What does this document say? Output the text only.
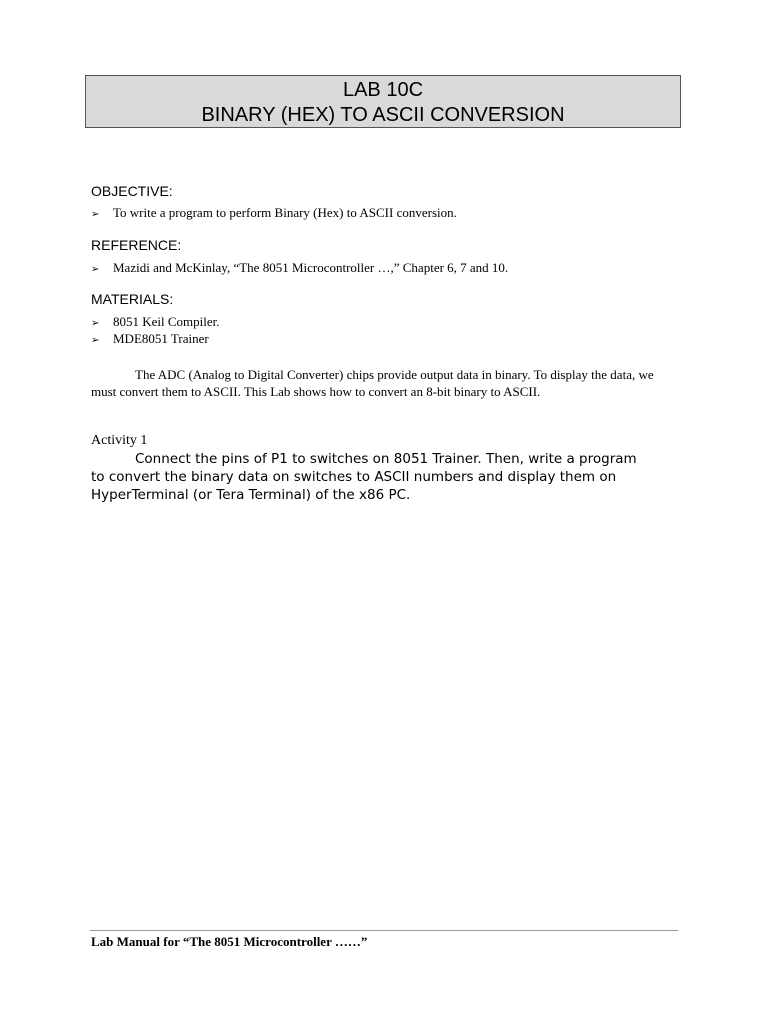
LAB 10C
BINARY (HEX) TO ASCII CONVERSION
OBJECTIVE:
➢ To write a program to perform Binary (Hex) to ASCII conversion.
REFERENCE:
➢ Mazidi and McKinlay, “The 8051 Microcontroller …,” Chapter 6, 7 and 10.
MATERIALS:
➢ 8051 Keil Compiler.
➢ MDE8051 Trainer
The ADC (Analog to Digital Converter) chips provide output data in binary. To display the data, we must convert them to ASCII. This Lab shows how to convert an 8-bit binary to ASCII.
Activity 1
Connect the pins of P1 to switches on 8051 Trainer. Then, write a program to convert the binary data on switches to ASCII numbers and display them on HyperTerminal (or Tera Terminal) of the x86 PC.
Lab Manual for “The 8051 Microcontroller ……”
